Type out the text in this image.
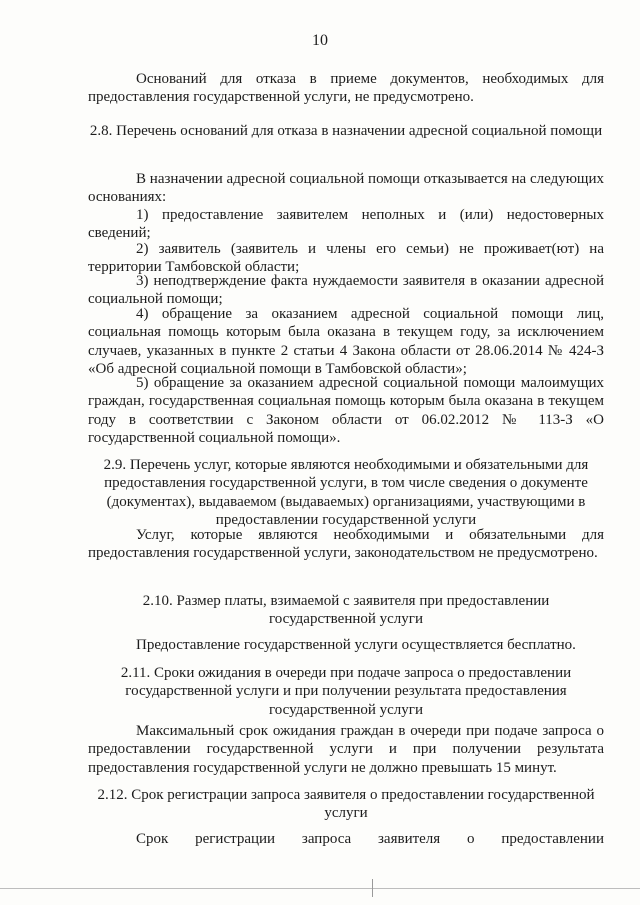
10
Оснований для отказа в приеме документов, необходимых для предоставления государственной услуги, не предусмотрено.
2.8. Перечень оснований для отказа в назначении адресной социальной помощи
В назначении адресной социальной помощи отказывается на следующих основаниях:
1) предоставление заявителем неполных и (или) недостоверных сведений;
2) заявитель (заявитель и члены его семьи) не проживает(ют) на территории Тамбовской области;
3) неподтверждение факта нуждаемости заявителя в оказании адресной социальной помощи;
4) обращение за оказанием адресной социальной помощи лиц, социальная помощь которым была оказана в текущем году, за исключением случаев, указанных в пункте 2 статьи 4 Закона области от 28.06.2014 № 424-З «Об адресной социальной помощи в Тамбовской области»;
5) обращение за оказанием адресной социальной помощи малоимущих граждан, государственная социальная помощь которым была оказана в текущем году в соответствии с Законом области от 06.02.2012 № 113-З «О государственной социальной помощи».
2.9. Перечень услуг, которые являются необходимыми и обязательными для предоставления государственной услуги, в том числе сведения о документе (документах), выдаваемом (выдаваемых) организациями, участвующими в предоставлении государственной услуги
Услуг, которые являются необходимыми и обязательными для предоставления государственной услуги, законодательством не предусмотрено.
2.10. Размер платы, взимаемой с заявителя при предоставлении государственной услуги
Предоставление государственной услуги осуществляется бесплатно.
2.11. Сроки ожидания в очереди при подаче запроса о предоставлении государственной услуги и при получении результата предоставления государственной услуги
Максимальный срок ожидания граждан в очереди при подаче запроса о предоставлении государственной услуги и при получении результата предоставления государственной услуги не должно превышать 15 минут.
2.12. Срок регистрации запроса заявителя о предоставлении государственной услуги
Срок регистрации запроса заявителя о предоставлении
